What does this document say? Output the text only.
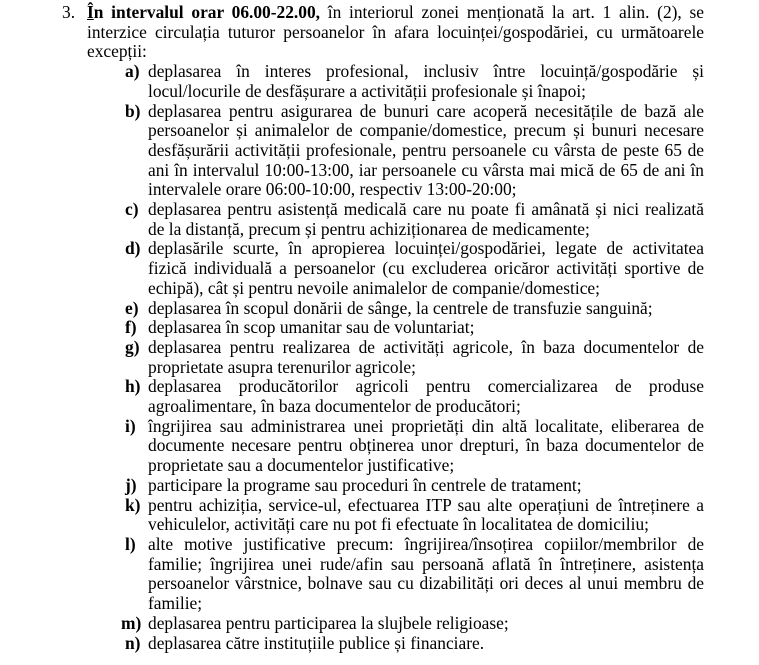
3. În intervalul orar 06.00-22.00, în interiorul zonei menționată la art. 1 alin. (2), se interzice circulația tuturor persoanelor în afara locuinței/gospodăriei, cu următoarele excepții:
a) deplasarea în interes profesional, inclusiv între locuință/gospodărie și locul/locurile de desfășurare a activității profesionale și înapoi;
b) deplasarea pentru asigurarea de bunuri care acoperă necesitățile de bază ale persoanelor și animalelor de companie/domestice, precum și bunuri necesare desfășurării activității profesionale, pentru persoanele cu vârsta de peste 65 de ani în intervalul 10:00-13:00, iar persoanele cu vârsta mai mică de 65 de ani în intervalele orare 06:00-10:00, respectiv 13:00-20:00;
c) deplasarea pentru asistență medicală care nu poate fi amânată și nici realizată de la distanță, precum și pentru achiziționarea de medicamente;
d) deplasările scurte, în apropierea locuinței/gospodăriei, legate de activitatea fizică individuală a persoanelor (cu excluderea oricăror activități sportive de echipă), cât și pentru nevoile animalelor de companie/domestice;
e) deplasarea în scopul donării de sânge, la centrele de transfuzie sanguină;
f) deplasarea în scop umanitar sau de voluntariat;
g) deplasarea pentru realizarea de activități agricole, în baza documentelor de proprietate asupra terenurilor agricole;
h) deplasarea producătorilor agricoli pentru comercializarea de produse agroalimentare, în baza documentelor de producători;
i) îngrijirea sau administrarea unei proprietăți din altă localitate, eliberarea de documente necesare pentru obținerea unor drepturi, în baza documentelor de proprietate sau a documentelor justificative;
j) participare la programe sau proceduri în centrele de tratament;
k) pentru achiziția, service-ul, efectuarea ITP sau alte operațiuni de întreținere a vehiculelor, activități care nu pot fi efectuate în localitatea de domiciliu;
l) alte motive justificative precum: îngrijirea/însoțirea copiilor/membrilor de familie; îngrijirea unei rude/afin sau persoană aflată în întreținere, asistența persoanelor vârstnice, bolnave sau cu dizabilități ori deces al unui membru de familie;
m) deplasarea pentru participarea la slujbele religioase;
n) deplasarea către instituțiile publice și financiare.
